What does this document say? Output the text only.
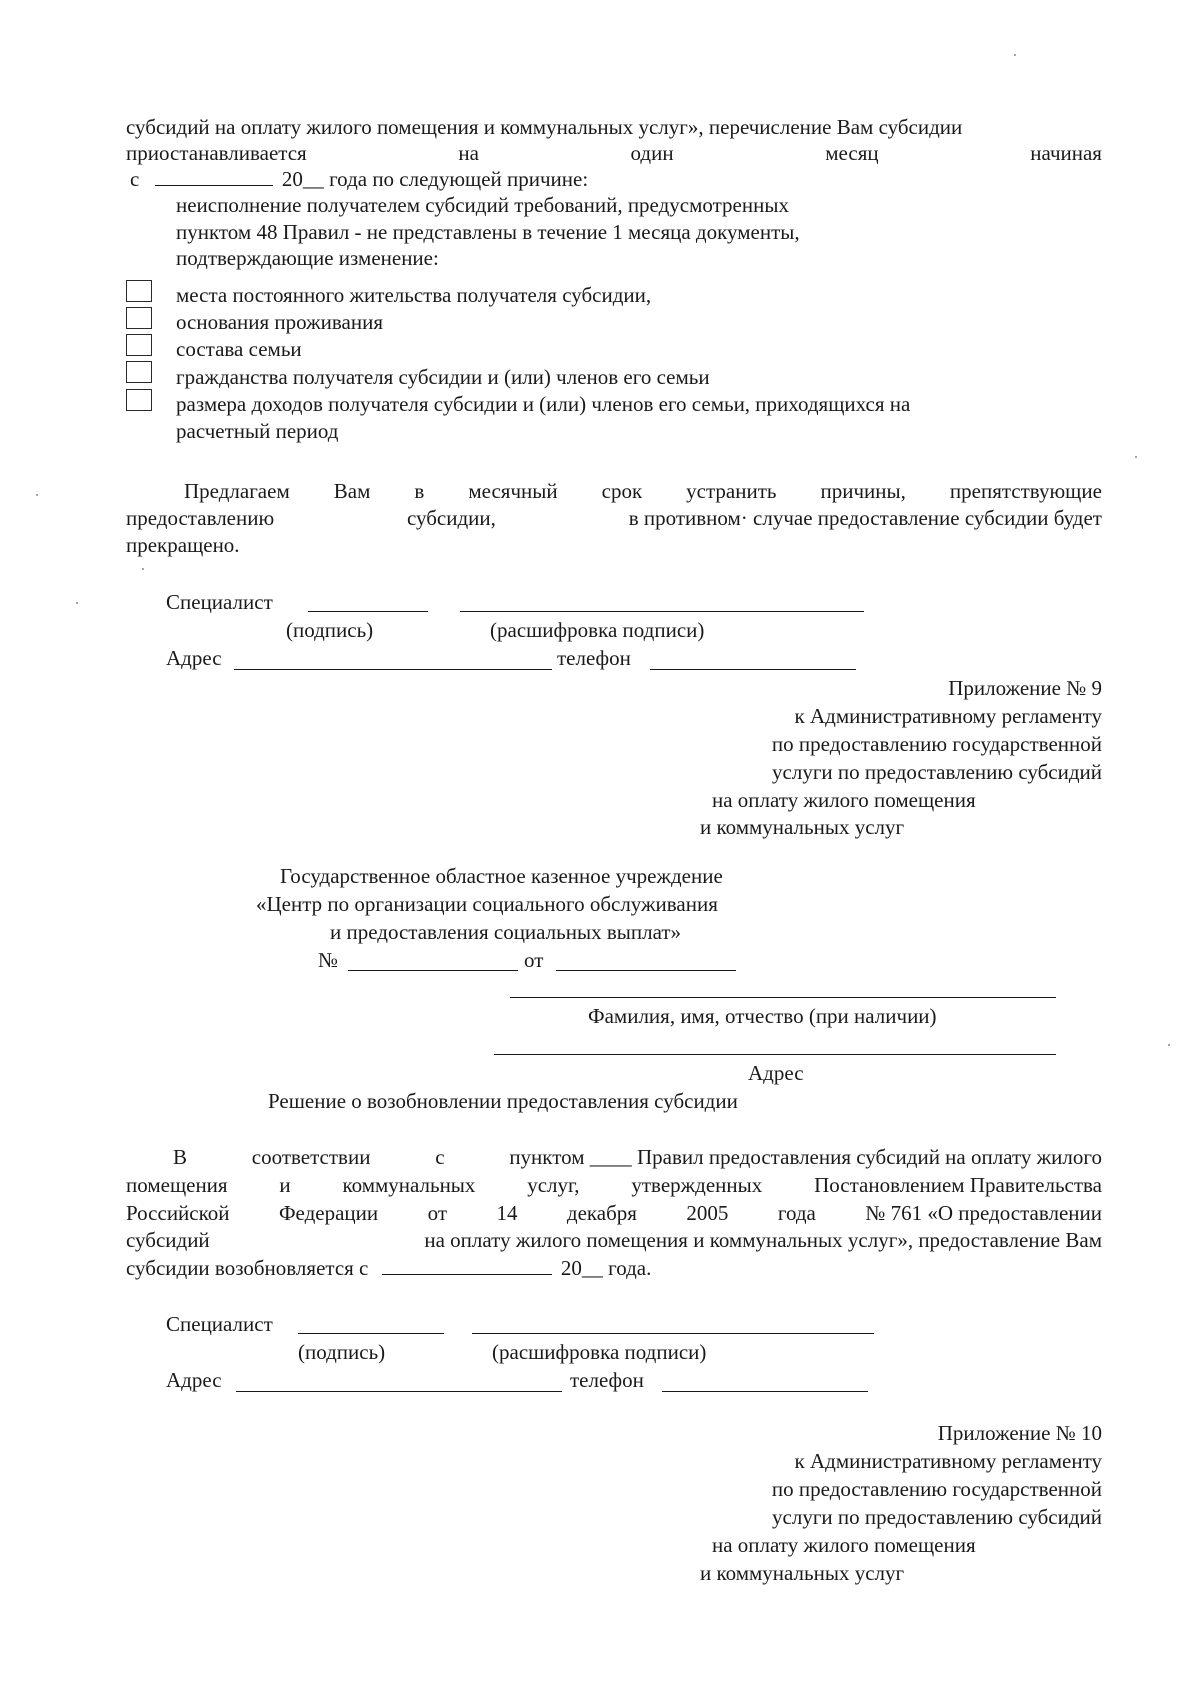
субсидий на оплату жилого помещения и коммунальных услуг», перечисление Вам субсидии
приостанавливается	на	один	месяц	начиная
с	20__ года по следующей причине:
неисполнение получателем субсидий требований, предусмотренных
пунктом 48 Правил - не представлены в течение 1 месяца документы,
подтверждающие изменение:
места постоянного жительства получателя субсидии,
основания проживания
состава семьи
гражданства получателя субсидии и (или) членов его семьи
размера доходов получателя субсидии и (или) членов его семьи, приходящихся на
расчетный период
Предлагаем Вам в месячный срок устранить причины, препятствующие
предоставлению	субсидии,	в противном· случае предоставление субсидии будет
прекращено.
Специалист
(подпись)	(расшифровка подписи)
Адрес	телефон
Приложение № 9
к Административному регламенту
по предоставлению государственной
услуги по предоставлению субсидий
на оплату жилого помещения
и коммунальных услуг
Государственное областное казенное учреждение
«Центр по организации социального обслуживания
и предоставления социальных выплат»
№	от
Фамилия, имя, отчество (при наличии)
Адрес
Решение о возобновлении предоставления субсидии
В	соответствии	с	пунктом ____ Правил предоставления субсидий на оплату жилого
помещения и коммунальных услуг, утвержденных Постановлением Правительства
Российской Федерации от 14 декабря 2005 года № 761 «О предоставлении
субсидий	на оплату жилого помещения и коммунальных услуг», предоставление Вам
субсидии возобновляется с	20__ года.
Специалист
(подпись)	(расшифровка подписи)
Адрес	телефон
Приложение № 10
к Административному регламенту
по предоставлению государственной
услуги по предоставлению субсидий
на оплату жилого помещения
и коммунальных услуг
